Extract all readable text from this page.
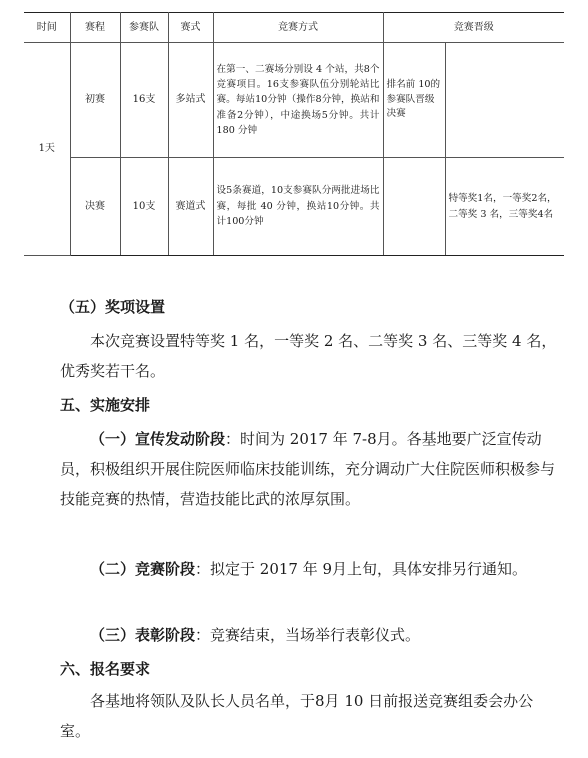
时间	赛程	参赛队	赛式	竞赛方式	竞赛晋级	
1天	初赛	16支	多站式	在第一、二赛场分别设 4 个站，共8个竞赛项目。16支参赛队伍分别轮站比赛。每站10分钟（操作8分钟，换站和准备2分钟），中途换场5分钟。共计180 分钟	排名前 10的参赛队晋级决赛	
	决赛	10支	赛道式	设5条赛道，10支参赛队分两批进场比赛，每批 40 分钟，换站10分钟。共计100分钟		特等奖1名，一等奖2名，二等奖 3 名，三等奖4名
（五）奖项设置
本次竞赛设置特等奖 1 名，一等奖 2 名、二等奖 3 名、三等奖 4 名，优秀奖若干名。
五、实施安排
（一）宣传发动阶段：时间为 2017 年 7-8月。各基地要广泛宣传动员，积极组织开展住院医师临床技能训练，充分调动广大住院医师积极参与技能竞赛的热情，营造技能比武的浓厚氛围。
（二）竞赛阶段：拟定于 2017 年 9月上旬，具体安排另行通知。
（三）表彰阶段：竞赛结束，当场举行表彰仪式。
六、报名要求
各基地将领队及队长人员名单，于8月 10 日前报送竞赛组委会办公室。
